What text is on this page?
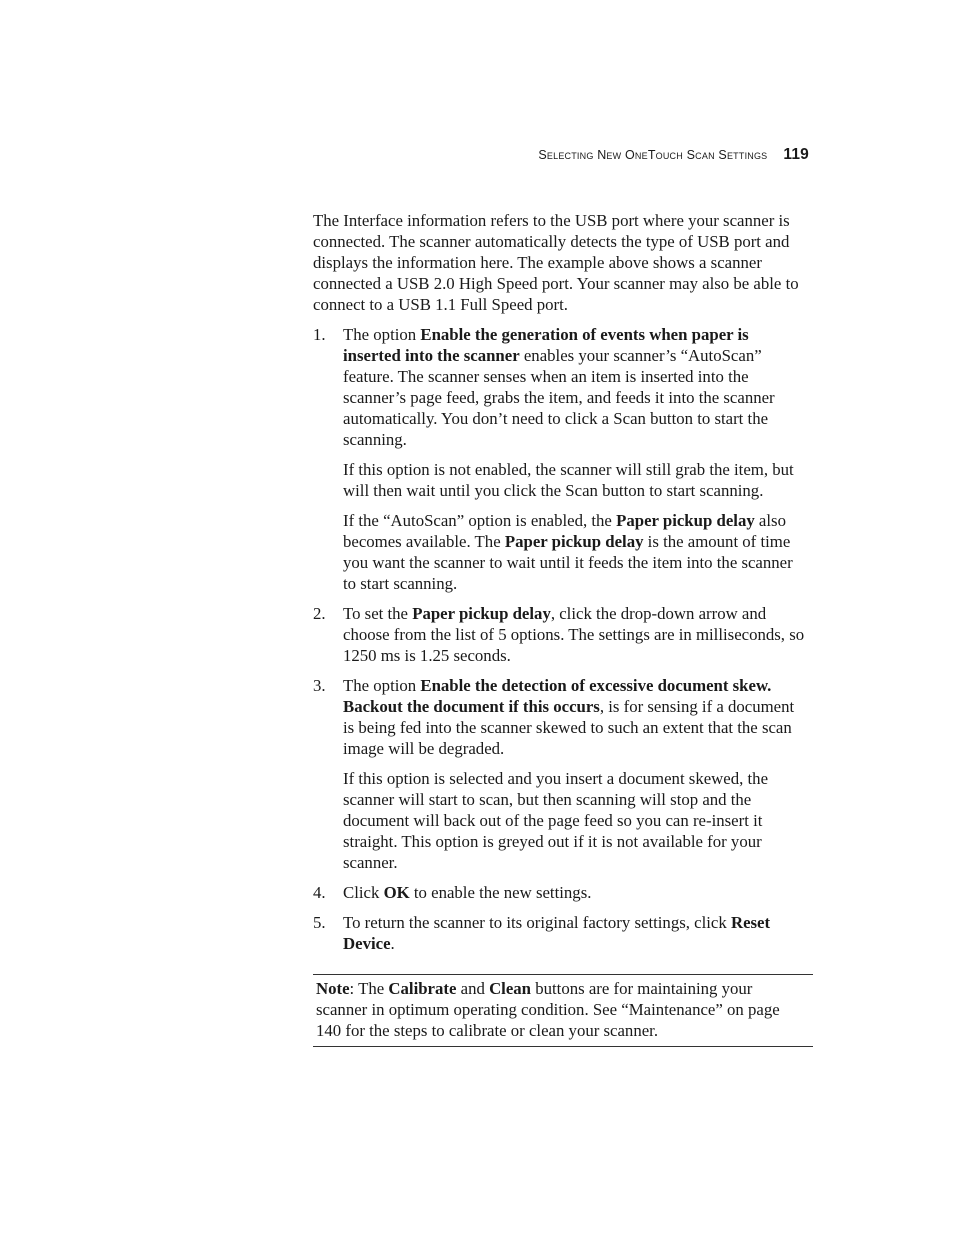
Selecting New OneTouch Scan Settings 119

The Interface information refers to the USB port where your scanner is connected. The scanner automatically detects the type of USB port and displays the information here. The example above shows a scanner connected a USB 2.0 High Speed port. Your scanner may also be able to connect to a USB 1.1 Full Speed port.

1. The option Enable the generation of events when paper is inserted into the scanner enables your scanner’s “AutoScan” feature. The scanner senses when an item is inserted into the scanner’s page feed, grabs the item, and feeds it into the scanner automatically. You don’t need to click a Scan button to start the scanning.

If this option is not enabled, the scanner will still grab the item, but will then wait until you click the Scan button to start scanning.

If the “AutoScan” option is enabled, the Paper pickup delay also becomes available. The Paper pickup delay is the amount of time you want the scanner to wait until it feeds the item into the scanner to start scanning.

2. To set the Paper pickup delay, click the drop-down arrow and choose from the list of 5 options. The settings are in milliseconds, so 1250 ms is 1.25 seconds.

3. The option Enable the detection of excessive document skew. Backout the document if this occurs, is for sensing if a document is being fed into the scanner skewed to such an extent that the scan image will be degraded.

If this option is selected and you insert a document skewed, the scanner will start to scan, but then scanning will stop and the document will back out of the page feed so you can re-insert it straight. This option is greyed out if it is not available for your scanner.

4. Click OK to enable the new settings.

5. To return the scanner to its original factory settings, click Reset Device.

Note: The Calibrate and Clean buttons are for maintaining your scanner in optimum operating condition. See “Maintenance” on page 140 for the steps to calibrate or clean your scanner.
